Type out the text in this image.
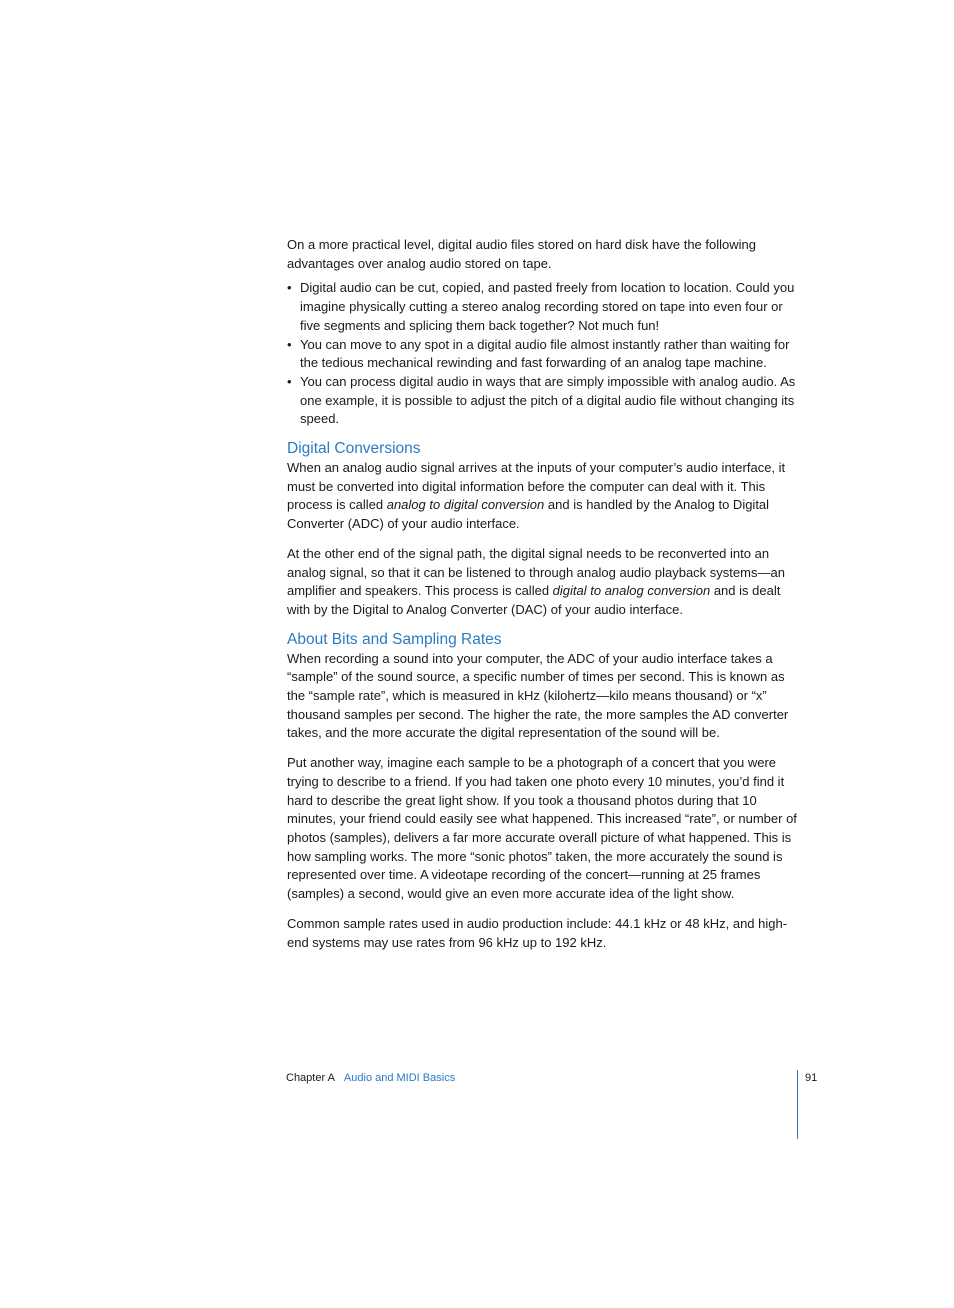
On a more practical level, digital audio files stored on hard disk have the following advantages over analog audio stored on tape.

• Digital audio can be cut, copied, and pasted freely from location to location. Could you imagine physically cutting a stereo analog recording stored on tape into even four or five segments and splicing them back together? Not much fun!
• You can move to any spot in a digital audio file almost instantly rather than waiting for the tedious mechanical rewinding and fast forwarding of an analog tape machine.
• You can process digital audio in ways that are simply impossible with analog audio. As one example, it is possible to adjust the pitch of a digital audio file without changing its speed.
Digital Conversions

When an analog audio signal arrives at the inputs of your computer’s audio interface, it must be converted into digital information before the computer can deal with it. This process is called analog to digital conversion and is handled by the Analog to Digital Converter (ADC) of your audio interface.

At the other end of the signal path, the digital signal needs to be reconverted into an analog signal, so that it can be listened to through analog audio playback systems—an amplifier and speakers. This process is called digital to analog conversion and is dealt with by the Digital to Analog Converter (DAC) of your audio interface.

About Bits and Sampling Rates

When recording a sound into your computer, the ADC of your audio interface takes a “sample” of the sound source, a specific number of times per second. This is known as the “sample rate”, which is measured in kHz (kilohertz—kilo means thousand) or “x” thousand samples per second. The higher the rate, the more samples the AD converter takes, and the more accurate the digital representation of the sound will be.

Put another way, imagine each sample to be a photograph of a concert that you were trying to describe to a friend. If you had taken one photo every 10 minutes, you’d find it hard to describe the great light show. If you took a thousand photos during that 10 minutes, your friend could easily see what happened. This increased “rate”, or number of photos (samples), delivers a far more accurate overall picture of what happened. This is how sampling works. The more “sonic photos” taken, the more accurately the sound is represented over time. A videotape recording of the concert—running at 25 frames (samples) a second, would give an even more accurate idea of the light show.

Common sample rates used in audio production include: 44.1 kHz or 48 kHz, and high-end systems may use rates from 96 kHz up to 192 kHz.

Chapter A Audio and MIDI Basics	91
